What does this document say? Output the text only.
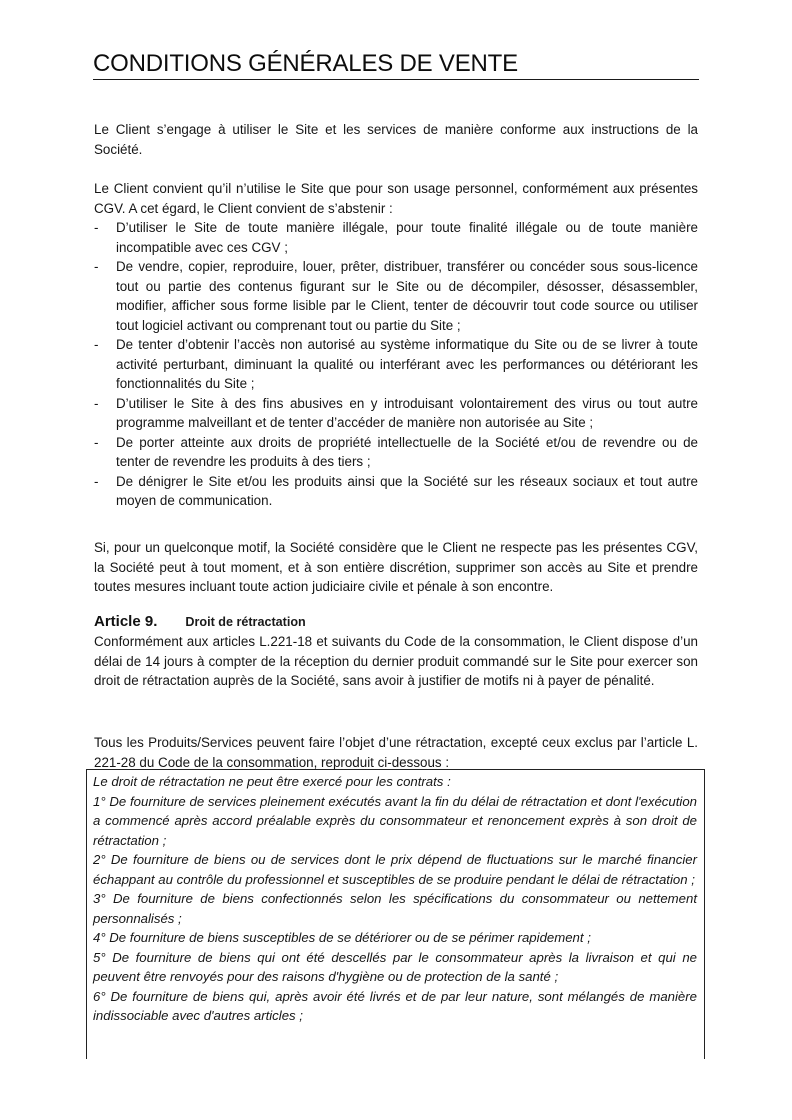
CONDITIONS GÉNÉRALES DE VENTE
Le Client s’engage à utiliser le Site et les services de manière conforme aux instructions de la Société.
Le Client convient qu’il n’utilise le Site que pour son usage personnel, conformément aux présentes CGV. A cet égard, le Client convient de s’abstenir :
- D’utiliser le Site de toute manière illégale, pour toute finalité illégale ou de toute manière incompatible avec ces CGV ;
- De vendre, copier, reproduire, louer, prêter, distribuer, transférer ou concéder sous sous-licence tout ou partie des contenus figurant sur le Site ou de décompiler, désosser, désassembler, modifier, afficher sous forme lisible par le Client, tenter de découvrir tout code source ou utiliser tout logiciel activant ou comprenant tout ou partie du Site ;
- De tenter d’obtenir l’accès non autorisé au système informatique du Site ou de se livrer à toute activité perturbant, diminuant la qualité ou interférant avec les performances ou détériorant les fonctionnalités du Site ;
- D’utiliser le Site à des fins abusives en y introduisant volontairement des virus ou tout autre programme malveillant et de tenter d’accéder de manière non autorisée au Site ;
- De porter atteinte aux droits de propriété intellectuelle de la Société et/ou de revendre ou de tenter de revendre les produits à des tiers ;
- De dénigrer le Site et/ou les produits ainsi que la Société sur les réseaux sociaux et tout autre moyen de communication.
Si, pour un quelconque motif, la Société considère que le Client ne respecte pas les présentes CGV, la Société peut à tout moment, et à son entière discrétion, supprimer son accès au Site et prendre toutes mesures incluant toute action judiciaire civile et pénale à son encontre.
Article 9. Droit de rétractation
Conformément aux articles L.221-18 et suivants du Code de la consommation, le Client dispose d’un délai de 14 jours à compter de la réception du dernier produit commandé sur le Site pour exercer son droit de rétractation auprès de la Société, sans avoir à justifier de motifs ni à payer de pénalité.
Tous les Produits/Services peuvent faire l’objet d’une rétractation, excepté ceux exclus par l’article L. 221-28 du Code de la consommation, reproduit ci-dessous :

Le droit de rétractation ne peut être exercé pour les contrats :

1° De fourniture de services pleinement exécutés avant la fin du délai de rétractation et dont l'exécution a commencé après accord préalable exprès du consommateur et renoncement exprès à son droit de rétractation ;

2° De fourniture de biens ou de services dont le prix dépend de fluctuations sur le marché financier échappant au contrôle du professionnel et susceptibles de se produire pendant le délai de rétractation ;

3° De fourniture de biens confectionnés selon les spécifications du consommateur ou nettement personnalisés ;

4° De fourniture de biens susceptibles de se détériorer ou de se périmer rapidement ;

5° De fourniture de biens qui ont été descellés par le consommateur après la livraison et qui ne peuvent être renvoyés pour des raisons d'hygiène ou de protection de la santé ;

6° De fourniture de biens qui, après avoir été livrés et de par leur nature, sont mélangés de manière indissociable avec d'autres articles ;
